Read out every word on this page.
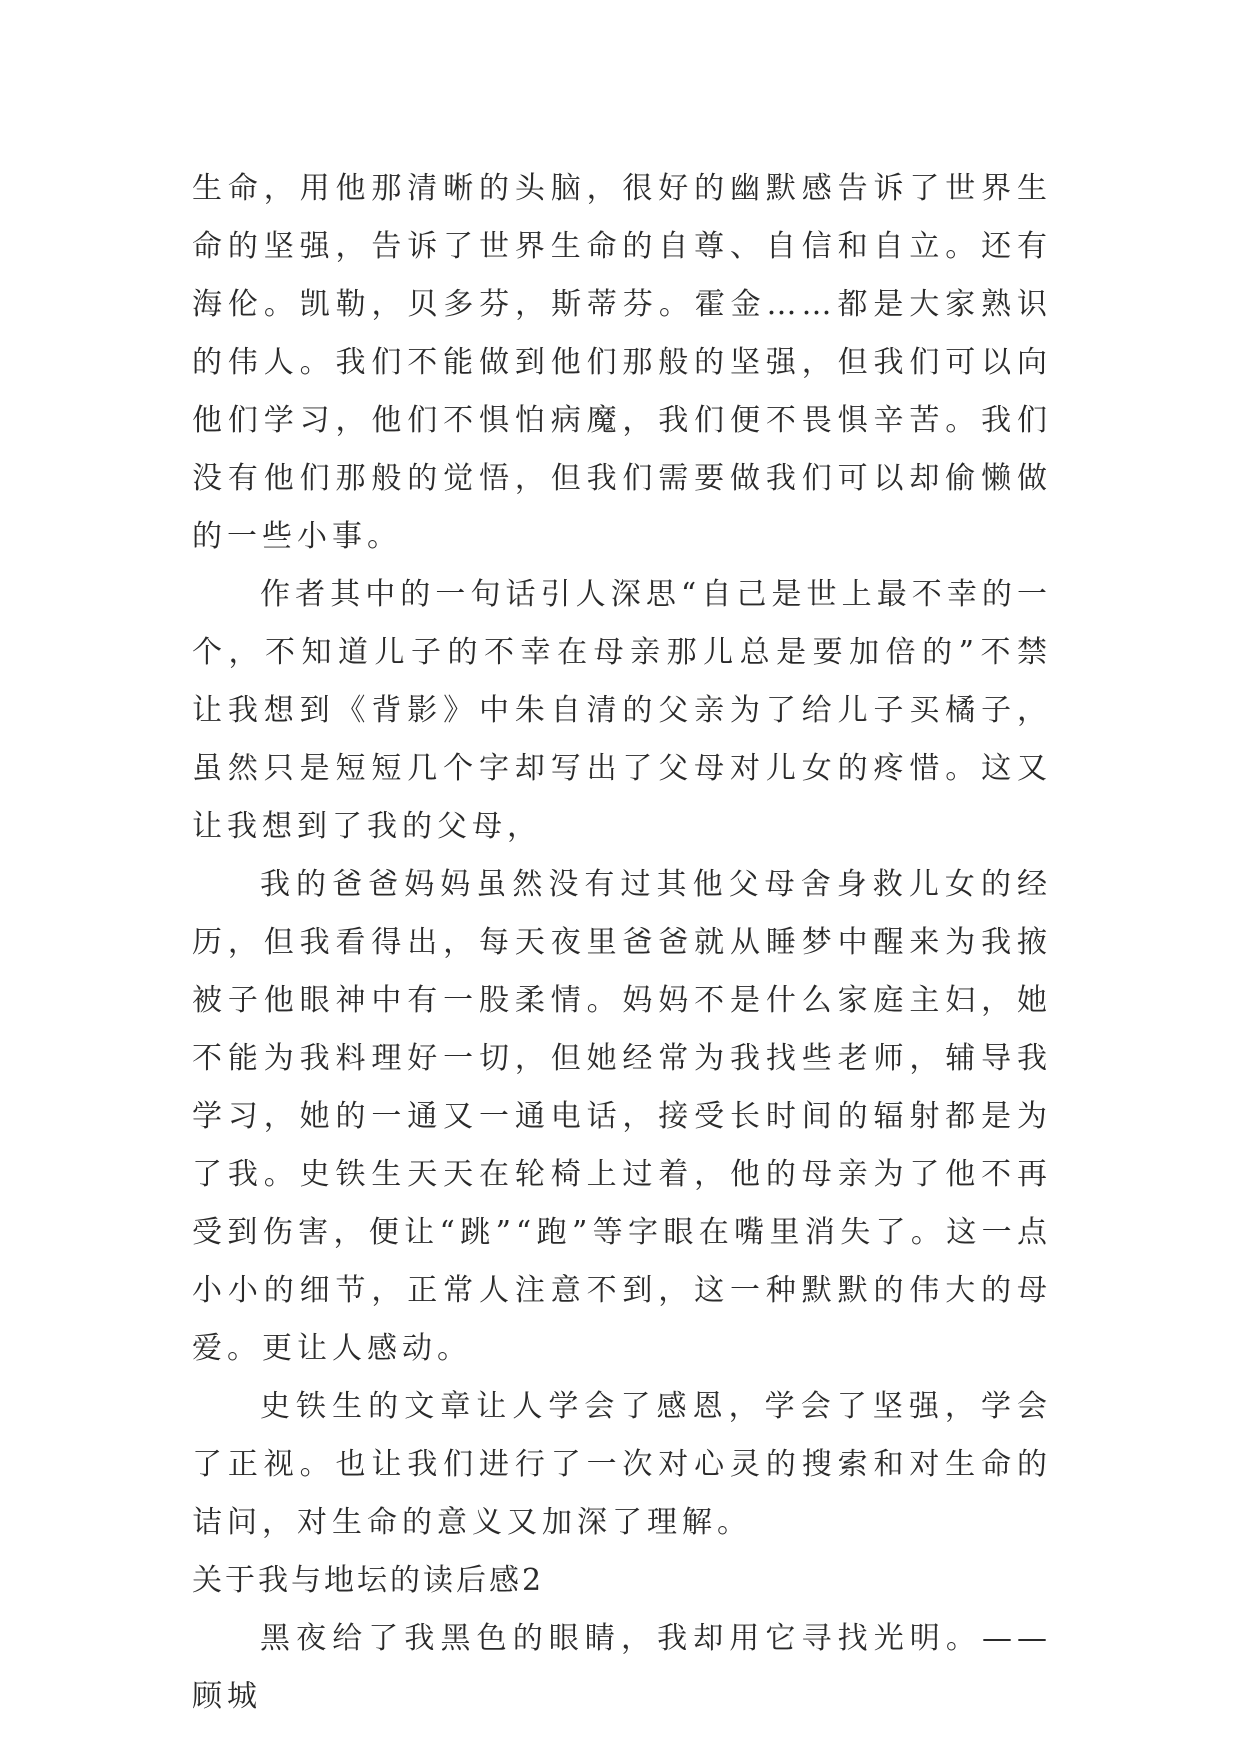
生命，用他那清晰的头脑，很好的幽默感告诉了世界生命的坚强，告诉了世界生命的自尊、自信和自立。还有海伦。凯勒，贝多芬，斯蒂芬。霍金……都是大家熟识的伟人。我们不能做到他们那般的坚强，但我们可以向他们学习，他们不惧怕病魔，我们便不畏惧辛苦。我们没有他们那般的觉悟，但我们需要做我们可以却偷懒做的一些小事。

作者其中的一句话引人深思“自己是世上最不幸的一个，不知道儿子的不幸在母亲那儿总是要加倍的”不禁让我想到《背影》中朱自清的父亲为了给儿子买橘子，虽然只是短短几个字却写出了父母对儿女的疼惜。这又让我想到了我的父母，

我的爸爸妈妈虽然没有过其他父母舍身救儿女的经历，但我看得出，每天夜里爸爸就从睡梦中醒来为我掖被子他眼神中有一股柔情。妈妈不是什么家庭主妇，她不能为我料理好一切，但她经常为我找些老师，辅导我学习，她的一通又一通电话，接受长时间的辐射都是为了我。史铁生天天在轮椅上过着，他的母亲为了他不再受到伤害，便让“跳”“跑”等字眼在嘴里消失了。这一点小小的细节，正常人注意不到，这一种默默的伟大的母爱。更让人感动。

史铁生的文章让人学会了感恩，学会了坚强，学会了正视。也让我们进行了一次对心灵的搜索和对生命的诘问，对生命的意义又加深了理解。

关于我与地坛的读后感2

黑夜给了我黑色的眼睛，我却用它寻找光明。——顾城
